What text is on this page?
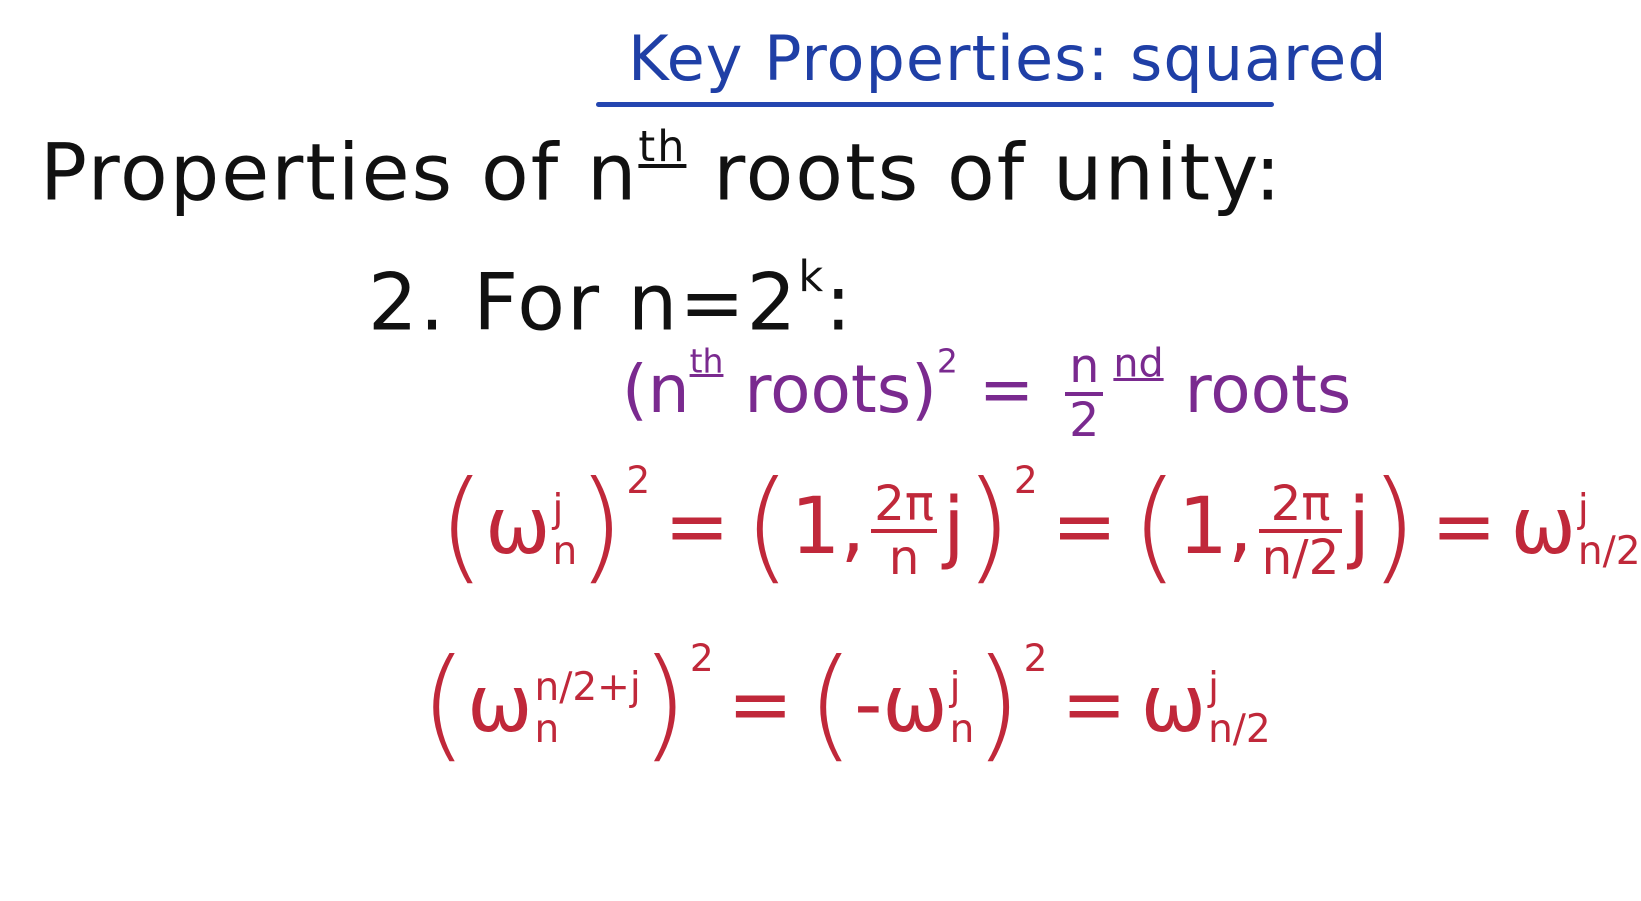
Key Properties: squared
Properties of $n^{th}$ roots of unity:
2. For $n=2^k$:
($n^{th}$ roots)$^2$ = $\frac{n}{2} ^{nd}$ roots
(ω j
n )$^2$= (1, $\frac{2\pi}{n} j)^2= (1$, $\frac{2\pi}{n/2} j) = \omega$ j
n/2
(ω n/2+j
n )$^2$= (-ω j
n )$^2$= ω j
n/2
